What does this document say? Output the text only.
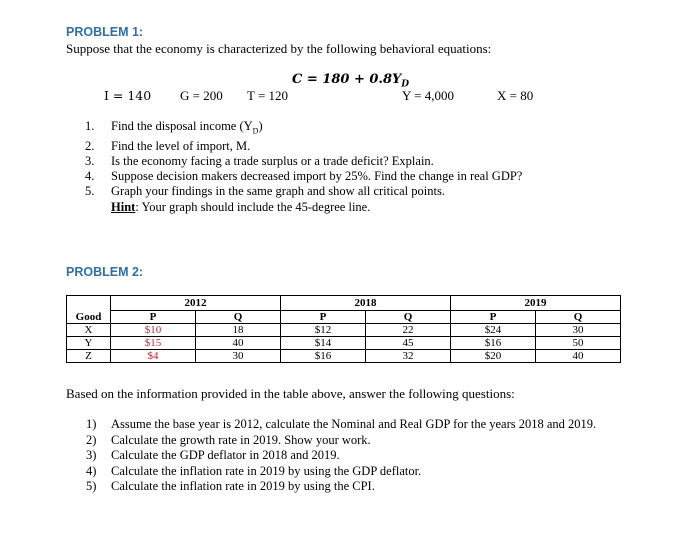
PROBLEM 1:
Suppose that the economy is characterized by the following behavioral equations:
$C = 180 + 0.8Y_D$
I = 140 G = 200 T = 120	Y = 4,000	X = 80
1. Find the disposal income $(Y_D)$
2. Find the level of import, M.
3. Is the economy facing a trade surplus or a trade deficit? Explain.
4. Suppose decision makers decreased import by 25%. Find the change in real GDP?
5. Graph your findings in the same graph and show all critical points.
Hint: Your graph should include the 45-degree line.
PROBLEM 2:
	2012		2018		2019	
Good	P	Q	P	Q	P	Q
X	$10	18	$12	22	$24	30
Y	$15	40	$14	45	$16	50
Z	$4	30	$16	32	$20	40
Based on the information provided in the table above, answer the following questions:
1) Assume the base year is 2012, calculate the Nominal and Real GDP for the years 2018 and 2019.
2) Calculate the growth rate in 2019. Show your work.
3) Calculate the GDP deflator in 2018 and 2019.
4) Calculate the inflation rate in 2019 by using the GDP deflator.
5) Calculate the inflation rate in 2019 by using the CPI.
